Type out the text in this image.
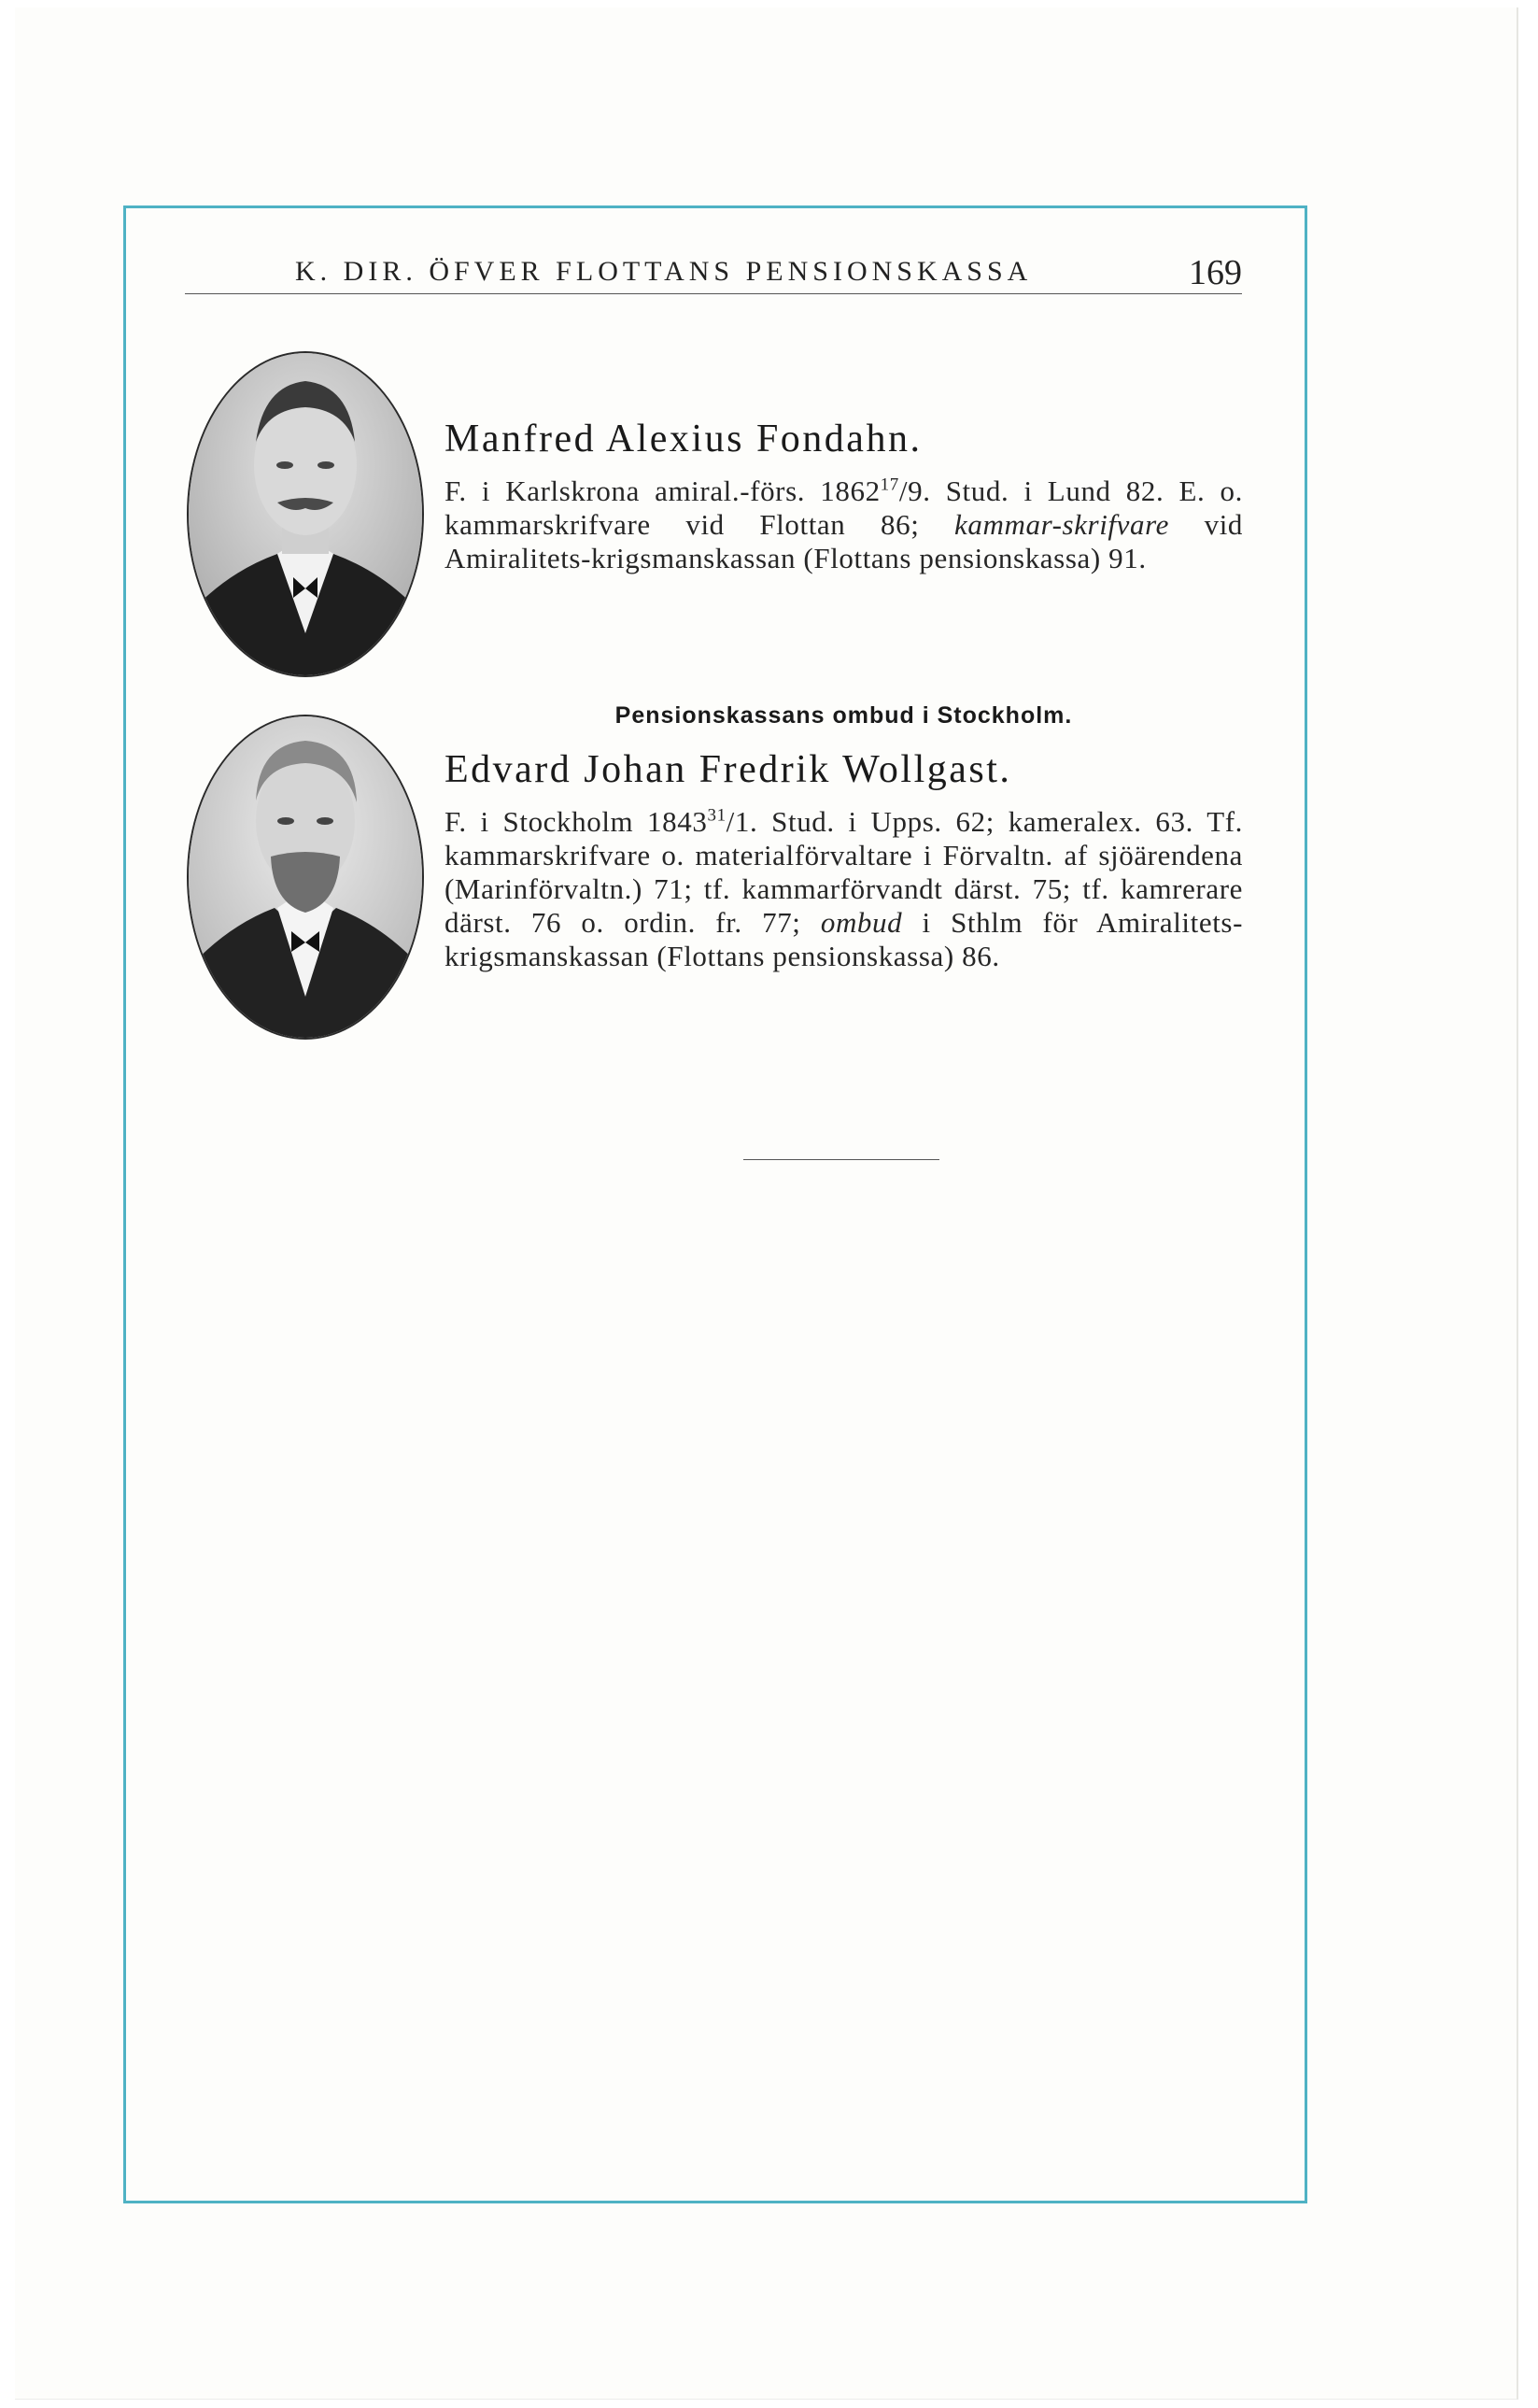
K. DIR. ÖFVER FLOTTANS PENSIONSKASSA	169
Manfred Alexius Fondahn.

F. i Karlskrona amiral.-förs. 1862$^{17}$/9. Stud. i Lund 82. E. o. kammarskrifvare vid Flottan 86; kammar-skrifvare vid Amiralitets-krigsmanskassan (Flottans pensionskassa) 91.

Pensionskassans ombud i Stockholm.
Edvard Johan Fredrik Wollgast.

F. i Stockholm 1843$^{31}$/1. Stud. i Upps. 62; kameralex. 63. Tf. kammarskrifvare o. materialförvaltare i Förvaltn. af sjöärendena (Marinförvaltn.) 71; tf. kammarförvandt därst. 75; tf. kamrerare därst. 76 o. ordin. fr. 77; ombud i Sthlm för Amiralitets-krigsmanskassan (Flottans pensionskassa) 86.
